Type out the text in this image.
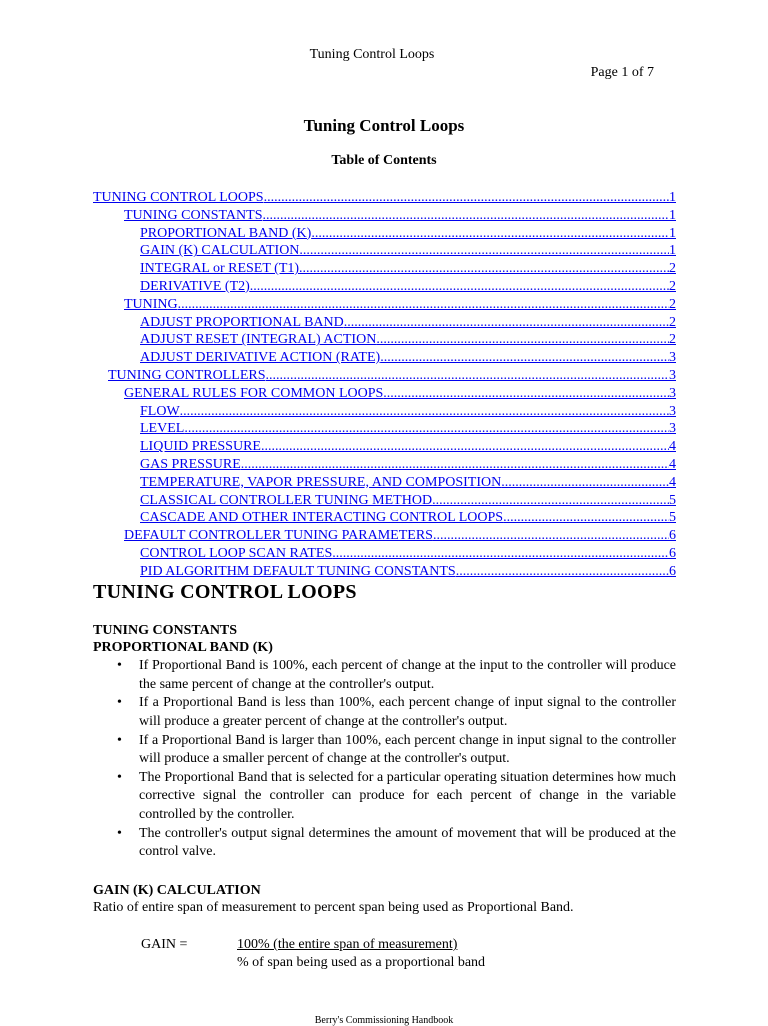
Tuning Control Loops
Page 1 of 7
Tuning Control Loops
Table of Contents
TUNING CONTROL LOOPS .....	1
TUNING CONSTANTS .....	1
PROPORTIONAL BAND (K) .....	1
GAIN (K) CALCULATION .....	1
INTEGRAL or RESET (T1) .....	2
DERIVATIVE (T2) .....	2
TUNING .....	2
ADJUST PROPORTIONAL BAND .....	2
ADJUST RESET (INTEGRAL) ACTION .....	2
ADJUST DERIVATIVE ACTION (RATE) .....	3
TUNING CONTROLLERS .....	3
GENERAL RULES FOR COMMON LOOPS .....	3
FLOW .....	3
LEVEL .....	3
LIQUID PRESSURE .....	4
GAS PRESSURE .....	4
TEMPERATURE, VAPOR PRESSURE, AND COMPOSITION .....	4
CLASSICAL CONTROLLER TUNING METHOD .....	5
CASCADE AND OTHER INTERACTING CONTROL LOOPS .....	5
DEFAULT CONTROLLER TUNING PARAMETERS .....	6
CONTROL LOOP SCAN RATES .....	6
PID ALGORITHM DEFAULT TUNING CONSTANTS .....	6
TUNING CONTROL LOOPS
TUNING CONSTANTS
PROPORTIONAL BAND (K)
• If Proportional Band is 100%, each percent of change at the input to the controller will produce the same percent of change at the controller's output.
• If a Proportional Band is less than 100%, each percent change of input signal to the controller will produce a greater percent of change at the controller's output.
• If a Proportional Band is larger than 100%, each percent change in input signal to the controller will produce a smaller percent of change at the controller's output.
• The Proportional Band that is selected for a particular operating situation determines how much corrective signal the controller can produce for each percent of change in the variable controlled by the controller.
• The controller's output signal determines the amount of movement that will be produced at the control valve.
GAIN (K) CALCULATION
Ratio of entire span of measurement to percent span being used as Proportional Band.
GAIN =	100% (the entire span of measurement)
% of span being used as a proportional band
Berry's Commissioning Handbook
